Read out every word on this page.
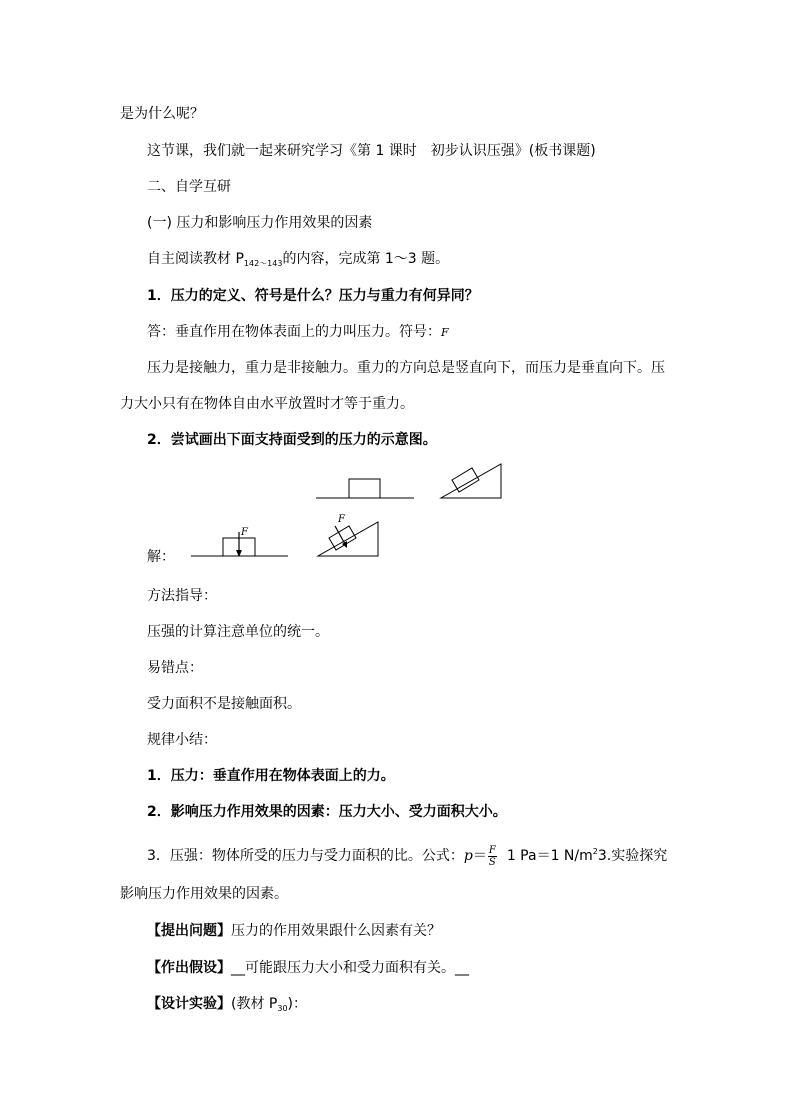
是为什么呢？
这节课，我们就一起来研究学习《第 1 课时　初步认识压强》(板书课题)
二、自学互研
(一) 压力和影响压力作用效果的因素
自主阅读教材 $P_{142\sim 143}$的内容，完成第 1～3 题。
1．压力的定义、符号是什么？压力与重力有何异同？
答：垂直作用在物体表面上的力叫压力。符号：F
压力是接触力，重力是非接触力。重力的方向总是竖直向下，而压力是垂直向下。压
力大小只有在物体自由水平放置时才等于重力。
2．尝试画出下面支持面受到的压力的示意图。
解：
F
F
方法指导：
压强的计算注意单位的统一。
易错点：
受力面积不是接触面积。
规律小结：
1．压力：垂直作用在物体表面上的力。
2．影响压力作用效果的因素：压力大小、受力面积大小。
3．压强：物体所受的压力与受力面积的比。公式：$p= \frac{F}{S} 1$ Pa＝1 $N/m^23$.实验探究
影响压力作用效果的因素。
【提出问题】压力的作用效果跟什么因素有关？
【作出假设】__可能跟压力大小和受力面积有关。__
【设计实验】(教材 $P_{30}$)：
